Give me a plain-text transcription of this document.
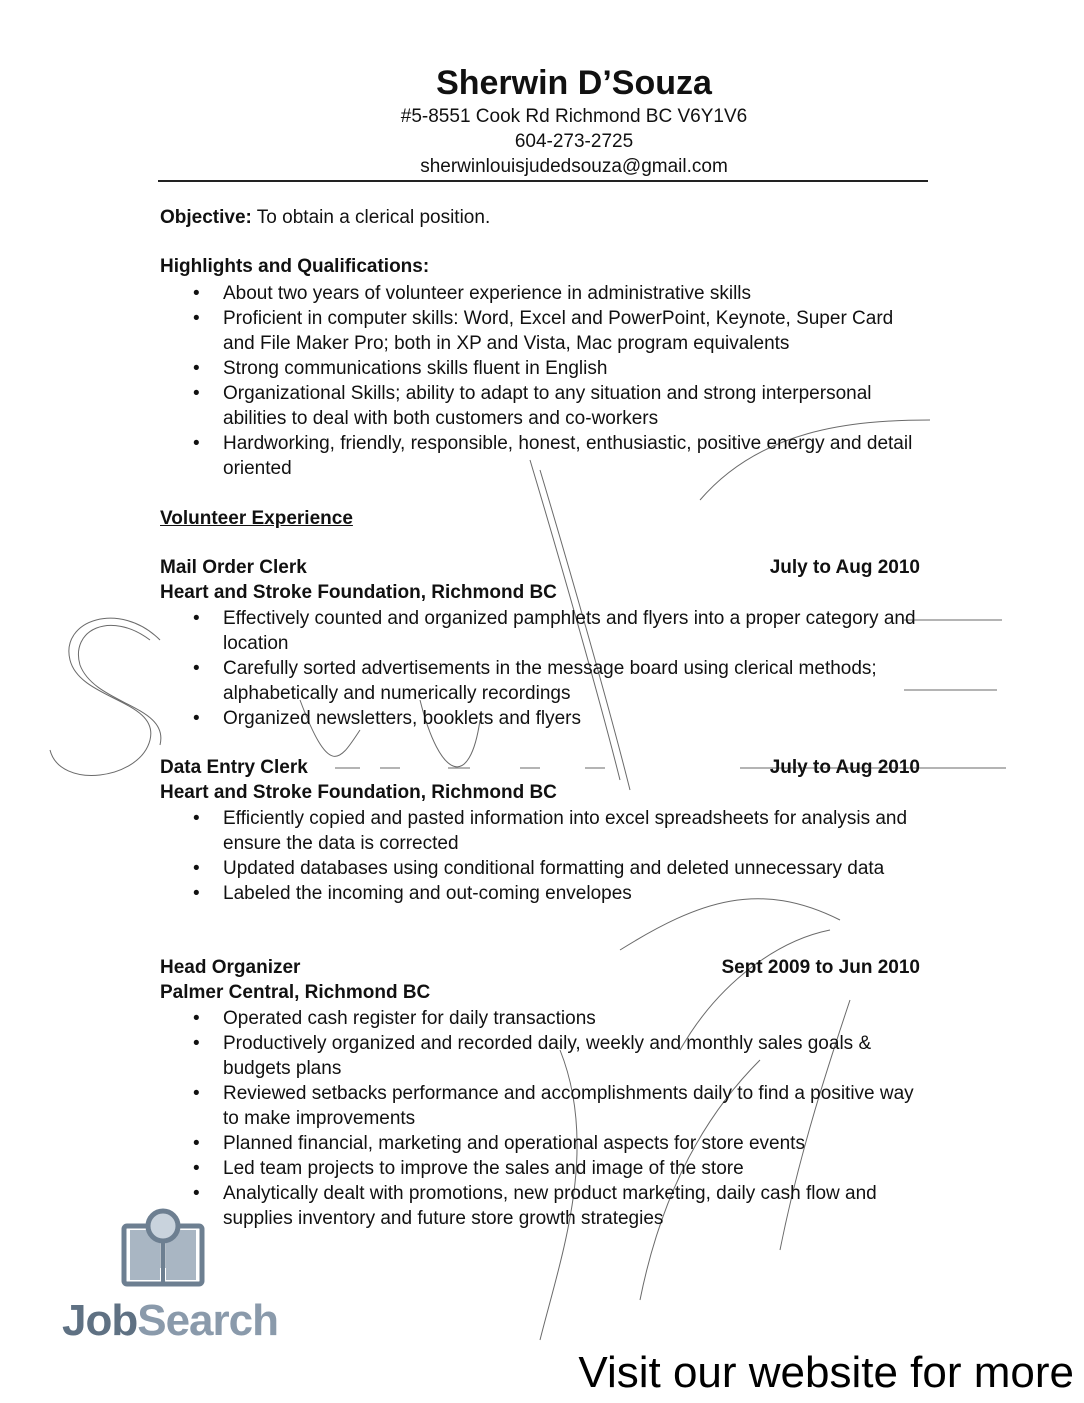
Sherwin D’Souza
#5-8551 Cook Rd Richmond BC V6Y1V6
604-273-2725
sherwinlouisjudedsouza@gmail.com
Objective: To obtain a clerical position.
Highlights and Qualifications:
• About two years of volunteer experience in administrative skills
• Proficient in computer skills: Word, Excel and PowerPoint, Keynote, Super Card and File Maker Pro; both in XP and Vista, Mac program equivalents
• Strong communications skills fluent in English
• Organizational Skills; ability to adapt to any situation and strong interpersonal abilities to deal with both customers and co-workers
• Hardworking, friendly, responsible, honest, enthusiastic, positive energy and detail oriented
Volunteer Experience
Mail Order Clerk	July to Aug 2010
Heart and Stroke Foundation, Richmond BC
• Effectively counted and organized pamphlets and flyers into a proper category and location
• Carefully sorted advertisements in the message board using clerical methods; alphabetically and numerically recordings
• Organized newsletters, booklets and flyers
Data Entry Clerk	July to Aug 2010
Heart and Stroke Foundation, Richmond BC
• Efficiently copied and pasted information into excel spreadsheets for analysis and ensure the data is corrected
• Updated databases using conditional formatting and deleted unnecessary data
• Labeled the incoming and out-coming envelopes
Head Organizer	Sept 2009 to Jun 2010
Palmer Central, Richmond BC
• Operated cash register for daily transactions
• Productively organized and recorded daily, weekly and monthly sales goals & budgets plans
• Reviewed setbacks performance and accomplishments daily to find a positive way to make improvements
• Planned financial, marketing and operational aspects for store events
• Led team projects to improve the sales and image of the store
• Analytically dealt with promotions, new product marketing, daily cash flow and supplies inventory and future store growth strategies
JobSearch
Visit our website for more
